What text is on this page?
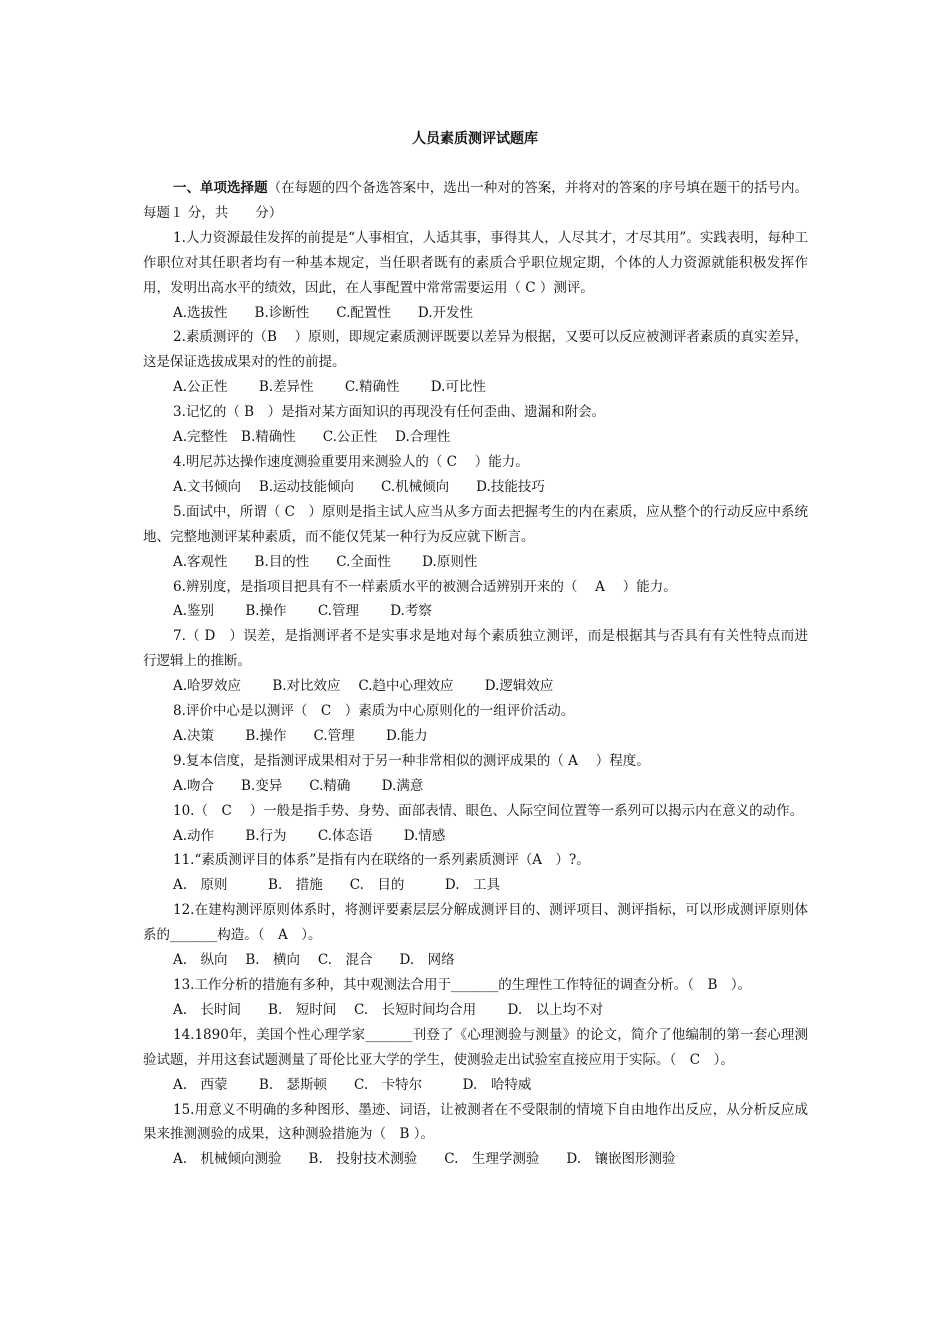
人员素质测评试题库

一、单项选择题（在每题的四个备选答案中，选出一种对的答案，并将对的答案的序号填在题干的括号内。每题１ 分，共　　分）

1.人力资源最佳发挥的前提是“人事相宜，人适其事，事得其人，人尽其才，才尽其用”。实践表明，每种工作职位对其任职者均有一种基本规定，当任职者既有的素质合乎职位规定期，个体的人力资源就能积极发挥作用，发明出高水平的绩效，因此，在人事配置中常常需要运用（ C ）测评。

A.选拔性　　B.诊断性　　C.配置性　　D.开发性

2.素质测评的（B　 ）原则，即规定素质测评既要以差异为根据，又要可以反应被测评者素质的真实差异，这是保证选拔成果对的性的前提。

A.公正性　　 B.差异性　　 C.精确性　　 D.可比性

3.记忆的（ B　）是指对某方面知识的再现没有任何歪曲、遗漏和附会。

A.完整性　B.精确性　　C.公正性　 D.合理性

4.明尼苏达操作速度测验重要用来测验人的（ C　 ）能力。

A.文书倾向　 B.运动技能倾向　　C.机械倾向　　D.技能技巧

5.面试中，所谓（ C　）原则是指主试人应当从多方面去把握考生的内在素质，应从整个的行动反应中系统地、完整地测评某种素质，而不能仅凭某一种行为反应就下断言。

A.客观性　　B.目的性　　C.全面性　　 D.原则性

6.辨别度，是指项目把具有不一样素质水平的被测合适辨别开来的（　 A　 ）能力。

A.鉴别　　 B.操作　　 C.管理　　 D.考察

7.（ D　）误差，是指测评者不是实事求是地对每个素质独立测评，而是根据其与否具有有关性特点而进行逻辑上的推断。

A.哈罗效应　　 B.对比效应　 C.趋中心理效应　　 D.逻辑效应

8.评价中心是以测评（　C　）素质为中心原则化的一组评价活动。

A.决策　　 B.操作　　C.管理　　 D.能力

9.复本信度，是指测评成果相对于另一种非常相似的测评成果的（ A　 ）程度。

A.吻合　　B.变异　　C.精确　　 D.满意

10.（　C　 ）一般是指手势、身势、面部表情、眼色、人际空间位置等一系列可以揭示内在意义的动作。

A.动作　　 B.行为　　 C.体态语　　 D.情感

11.“素质测评目的体系”是指有内在联络的一系列素质测评（A　）?。

A.　原则　　　B.　措施　　C.　目的　　　D.　工具

12.在建构测评原则体系时，将测评要素层层分解成测评目的、测评项目、测评指标，可以形成测评原则体系的_______构造。（　A　）。

A.　纵向　 B.　横向　 C.　混合　　D.　网络

13.工作分析的措施有多种，其中观测法合用于_______的生理性工作特征的调查分析。（　B　）。

A.　长时间　　B.　短时间　 C.　长短时间均合用　　 D.　以上均不对

14.1890年，美国个性心理学家_______刊登了《心理测验与测量》的论文，简介了他编制的第一套心理测验试题，并用这套试题测量了哥伦比亚大学的学生，使测验走出试验室直接应用于实际。（　C　）。

A.　西蒙　　 B.　瑟斯顿　　C.　卡特尔　　　D.　哈特威

15.用意义不明确的多种图形、墨迹、词语，让被测者在不受限制的情境下自由地作出反应，从分析反应成果来推测测验的成果，这种测验措施为（　B ）。

A.　机械倾向测验　　B.　投射技术测验　　C.　生理学测验　　D.　镶嵌图形测验
